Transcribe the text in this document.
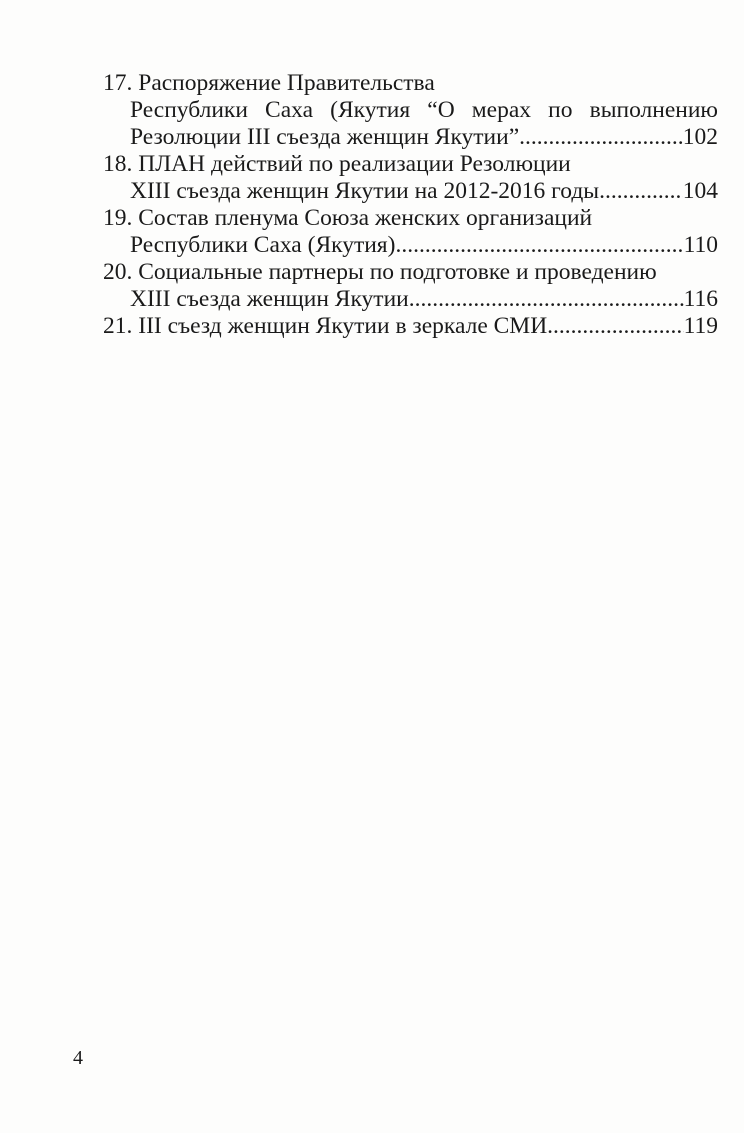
17. Распоряжение Правительства
Республики Саха (Якутия “О мерах по выполнению
Резолюции III съезда женщин Якутии” .....	102
18. ПЛАН действий по реализации Резолюции
XIII съезда женщин Якутии на 2012-2016 годы .....	104
19. Состав пленума Союза женских организаций
Республики Саха (Якутия) .....	110
20. Социальные партнеры по подготовке и проведению
XIII съезда женщин Якутии .....	116
21. III съезд женщин Якутии в зеркале СМИ .....	119
4
